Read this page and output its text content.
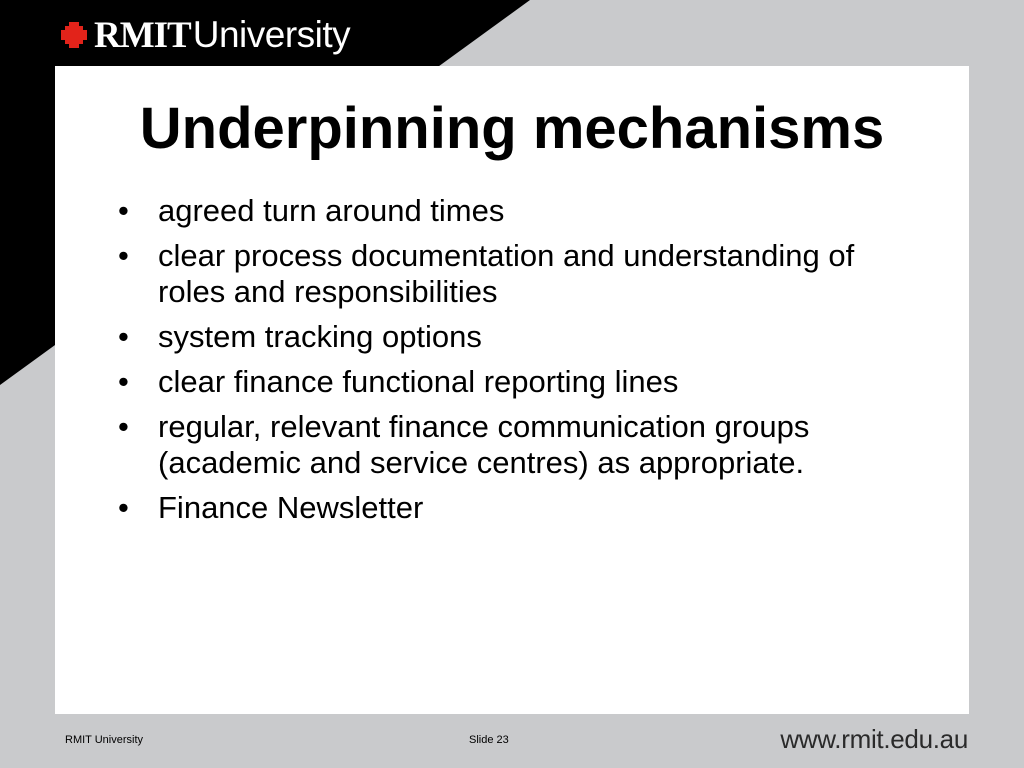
RMITUniversity
Underpinning mechanisms
• agreed turn around times
• clear process documentation and understanding of roles and responsibilities
• system tracking options
• clear finance functional reporting lines
• regular, relevant finance communication groups (academic and service centres) as appropriate.
• Finance Newsletter
RMIT University	Slide 23	www.rmit.edu.au
